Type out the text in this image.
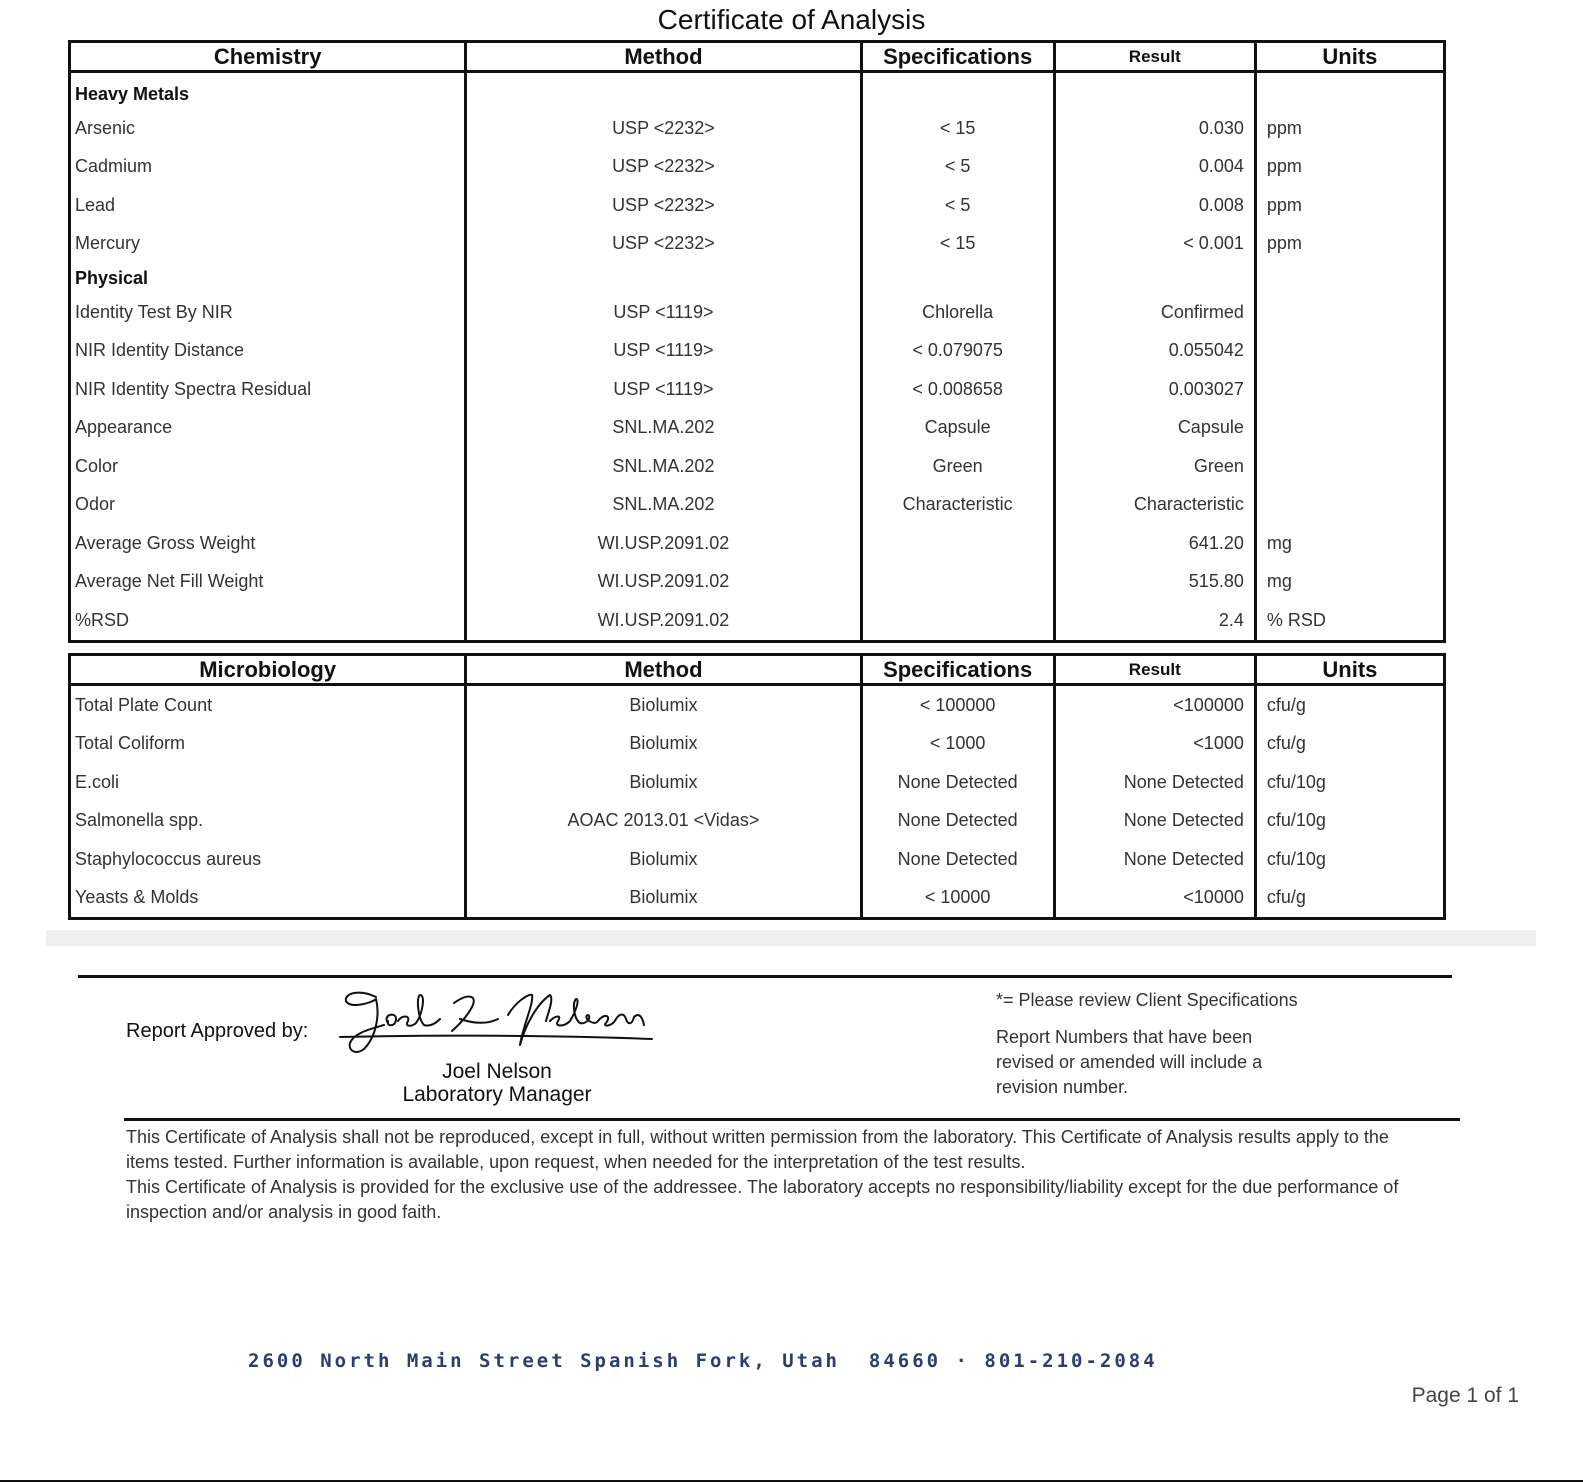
Certificate of Analysis
Chemistry	Method	Specifications	Result	Units

Heavy Metals				
Arsenic	USP <2232>	< 15	0.030	ppm
Cadmium	USP <2232>	< 5	0.004	ppm
Lead	USP <2232>	< 5	0.008	ppm
Mercury	USP <2232>	< 15	< 0.001	ppm
Physical				
Identity Test By NIR	USP <1119>	Chlorella	Confirmed	
NIR Identity Distance	USP <1119>	< 0.079075	0.055042	
NIR Identity Spectra Residual	USP <1119>	< 0.008658	0.003027	
Appearance	SNL.MA.202	Capsule	Capsule	
Color	SNL.MA.202	Green	Green	
Odor	SNL.MA.202	Characteristic	Characteristic	
Average Gross Weight	WI.USP.2091.02		641.20	mg
Average Net Fill Weight	WI.USP.2091.02		515.80	mg
%RSD	WI.USP.2091.02		2.4	% RSD
Microbiology	Method	Specifications	Result	Units
Total Plate Count	Biolumix	< 100000	<100000	cfu/g
Total Coliform	Biolumix	< 1000	<1000	cfu/g
E.coli	Biolumix	None Detected	None Detected	cfu/10g
Salmonella spp.	AOAC 2013.01 <Vidas>	None Detected	None Detected	cfu/10g
Staphylococcus aureus	Biolumix	None Detected	None Detected	cfu/10g
Yeasts & Molds	Biolumix	< 10000	<10000	cfu/g
Report Approved by:
Joel Nelson
Laboratory Manager
*= Please review Client Specifications
Report Numbers that have been revised or amended will include a revision number.

This Certificate of Analysis shall not be reproduced, except in full, without written permission from the laboratory. This Certificate of Analysis results apply to the items tested. Further information is available, upon request, when needed for the interpretation of the test results.

This Certificate of Analysis is provided for the exclusive use of the addressee. The laboratory accepts no responsibility/liability except for the due performance of inspection and/or analysis in good faith.

2600 North Main Street Spanish Fork, Utah  84660 · 801-210-2084
Page 1 of 1
